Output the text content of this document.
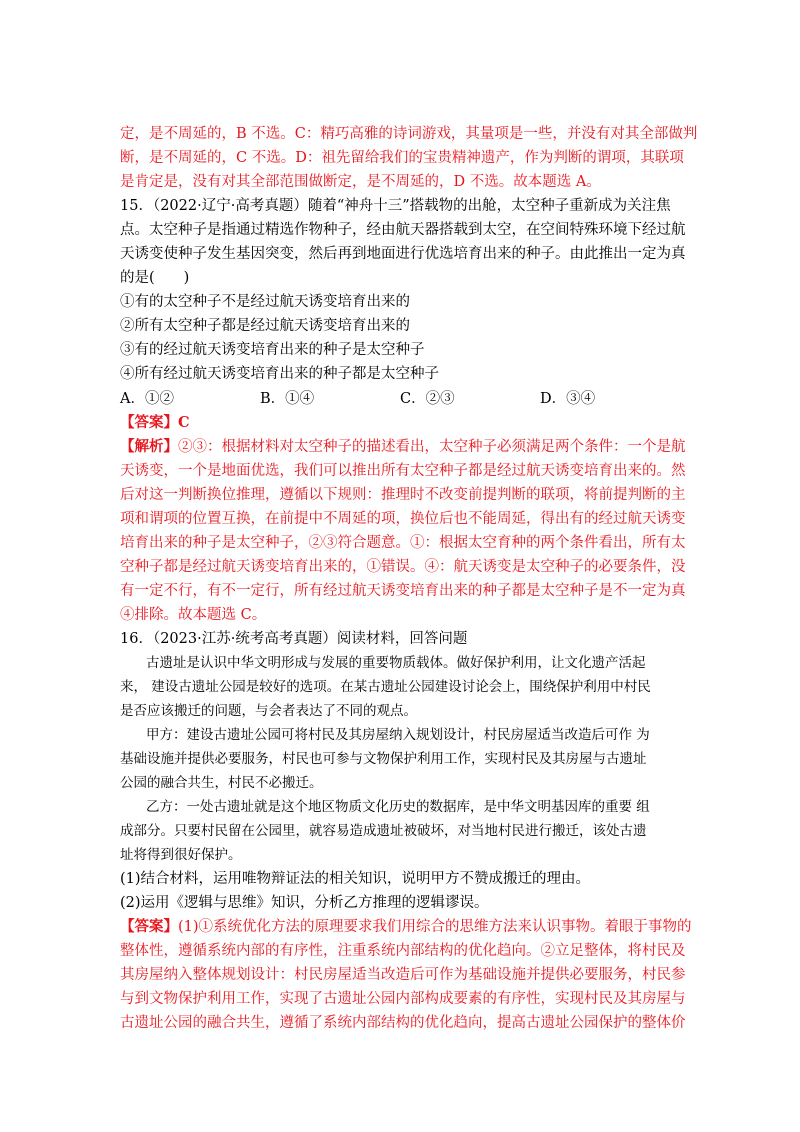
定，是不周延的，B 不选。C：精巧高雅的诗词游戏，其量项是一些，并没有对其全部做判
断，是不周延的，C 不选。D：祖先留给我们的宝贵精神遗产，作为判断的谓项，其联项
是肯定是，没有对其全部范围做断定，是不周延的，D 不选。故本题选 A。
15．（2022·辽宁·高考真题）随着“神舟十三”搭载物的出舱，太空种子重新成为关注焦
点。太空种子是指通过精选作物种子，经由航天器搭载到太空，在空间特殊环境下经过航
天诱变使种子发生基因突变，然后再到地面进行优选培育出来的种子。由此推出一定为真
的是(　　)
①有的太空种子不是经过航天诱变培育出来的
②所有太空种子都是经过航天诱变培育出来的
③有的经过航天诱变培育出来的种子是太空种子
④所有经过航天诱变培育出来的种子都是太空种子
A．①②	B．①④	C．②③	D．③④
【答案】C
【解析】②③：根据材料对太空种子的描述看出，太空种子必须满足两个条件：一个是航
天诱变，一个是地面优选，我们可以推出所有太空种子都是经过航天诱变培育出来的。然
后对这一判断换位推理，遵循以下规则：推理时不改变前提判断的联项，将前提判断的主
项和谓项的位置互换，在前提中不周延的项，换位后也不能周延，得出有的经过航天诱变
培育出来的种子是太空种子，②③符合题意。①：根据太空育种的两个条件看出，所有太
空种子都是经过航天诱变培育出来的，①错误。④：航天诱变是太空种子的必要条件，没
有一定不行，有不一定行，所有经过航天诱变培育出来的种子都是太空种子是不一定为真
④排除。故本题选 C。
16．（2023·江苏·统考高考真题）阅读材料，回答问题
古遗址是认识中华文明形成与发展的重要物质载体。做好保护利用，让文化遗产活起
来， 建设古遗址公园是较好的选项。在某古遗址公园建设讨论会上，围绕保护利用中村民
是否应该搬迁的问题，与会者表达了不同的观点。
甲方：建设古遗址公园可将村民及其房屋纳入规划设计，村民房屋适当改造后可作 为
基础设施并提供必要服务，村民也可参与文物保护利用工作，实现村民及其房屋与古遗址
公园的融合共生，村民不必搬迁。
乙方：一处古遗址就是这个地区物质文化历史的数据库，是中华文明基因库的重要 组
成部分。只要村民留在公园里，就容易造成遗址被破坏，对当地村民进行搬迁，该处古遗
址将得到很好保护。
(1)结合材料，运用唯物辩证法的相关知识，说明甲方不赞成搬迁的理由。
(2)运用《逻辑与思维》知识，分析乙方推理的逻辑谬误。
【答案】(1)①系统优化方法的原理要求我们用综合的思维方法来认识事物。着眼于事物的
整体性，遵循系统内部的有序性，注重系统内部结构的优化趋向。②立足整体，将村民及
其房屋纳入整体规划设计：村民房屋适当改造后可作为基础设施并提供必要服务，村民参
与到文物保护利用工作，实现了古遗址公园内部构成要素的有序性，实现村民及其房屋与
古遗址公园的融合共生，遵循了系统内部结构的优化趋向，提高古遗址公园保护的整体价
